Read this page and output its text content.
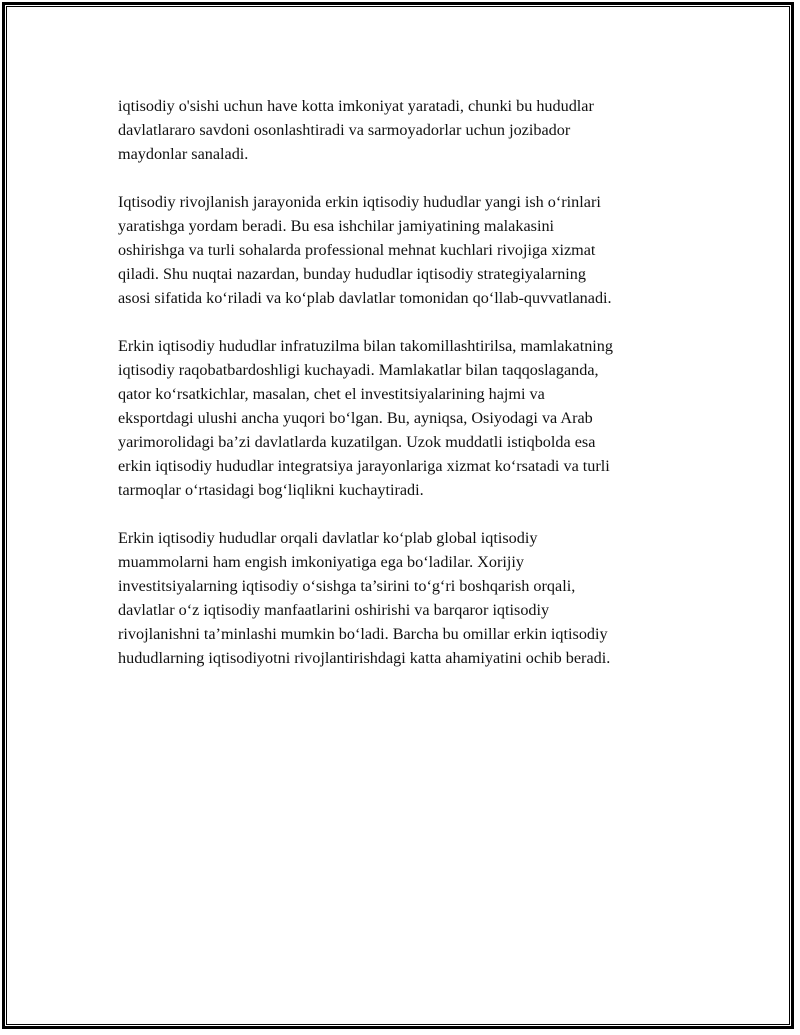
iqtisodiy o'sishi uchun have kotta imkoniyat yaratadi, chunki bu hududlar
davlatlararo savdoni osonlashtiradi va sarmoyadorlar uchun jozibador
maydonlar sanaladi.

Iqtisodiy rivojlanish jarayonida erkin iqtisodiy hududlar yangi ish o‘rinlari
yaratishga yordam beradi. Bu esa ishchilar jamiyatining malakasini
oshirishga va turli sohalarda professional mehnat kuchlari rivojiga xizmat
qiladi. Shu nuqtai nazardan, bunday hududlar iqtisodiy strategiyalarning
asosi sifatida ko‘riladi va ko‘plab davlatlar tomonidan qo‘llab-quvvatlanadi.

Erkin iqtisodiy hududlar infratuzilma bilan takomillashtirilsa, mamlakatning
iqtisodiy raqobatbardoshligi kuchayadi. Mamlakatlar bilan taqqoslaganda,
qator ko‘rsatkichlar, masalan, chet el investitsiyalarining hajmi va
eksportdagi ulushi ancha yuqori bo‘lgan. Bu, ayniqsa, Osiyodagi va Arab
yarimorolidagi ba’zi davlatlarda kuzatilgan. Uzok muddatli istiqbolda esa
erkin iqtisodiy hududlar integratsiya jarayonlariga xizmat ko‘rsatadi va turli
tarmoqlar o‘rtasidagi bog‘liqlikni kuchaytiradi.

Erkin iqtisodiy hududlar orqali davlatlar ko‘plab global iqtisodiy
muammolarni ham engish imkoniyatiga ega bo‘ladilar. Xorijiy
investitsiyalarning iqtisodiy o‘sishga ta’sirini to‘g‘ri boshqarish orqali,
davlatlar o‘z iqtisodiy manfaatlarini oshirishi va barqaror iqtisodiy
rivojlanishni ta’minlashi mumkin bo‘ladi. Barcha bu omillar erkin iqtisodiy
hududlarning iqtisodiyotni rivojlantirishdagi katta ahamiyatini ochib beradi.
